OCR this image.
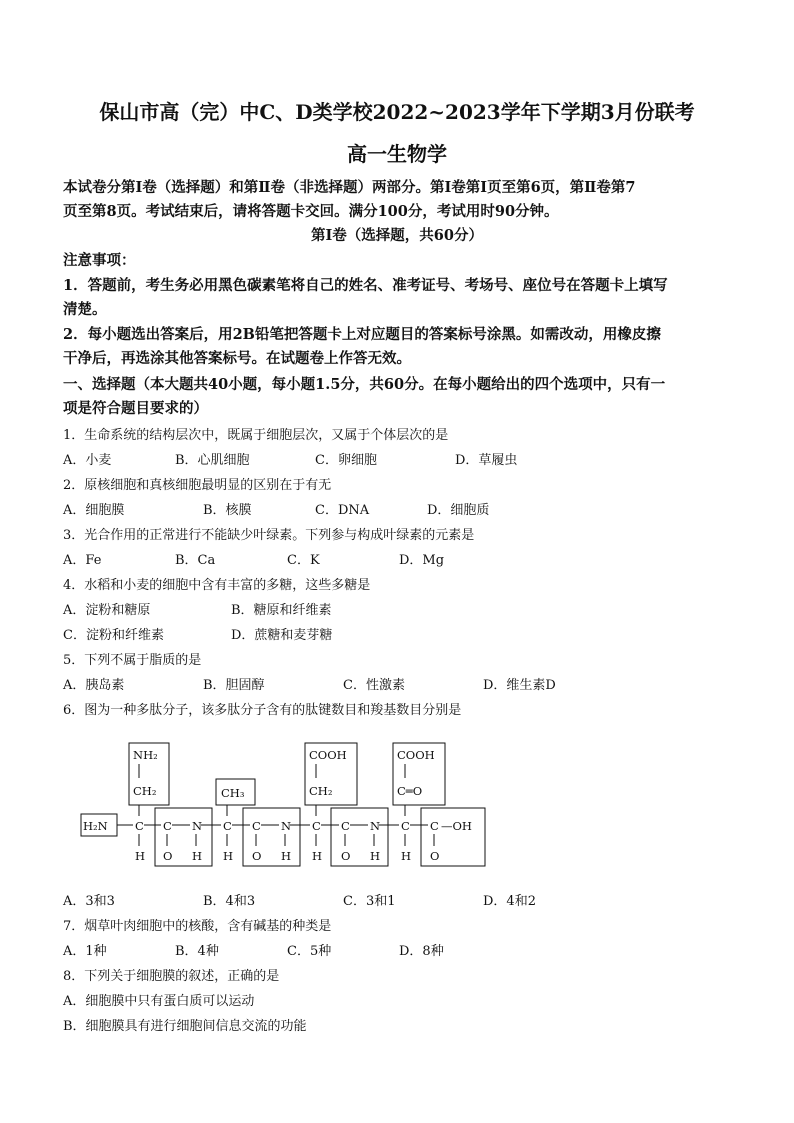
保山市高（完）中C、D类学校2022~2023学年下学期3月份联考
高一生物学
本试卷分第Ⅰ卷（选择题）和第Ⅱ卷（非选择题）两部分。第Ⅰ卷第Ⅰ页至第6页，第Ⅱ卷第7
页至第8页。考试结束后，请将答题卡交回。满分100分，考试用时90分钟。
第Ⅰ卷（选择题，共60分）
注意事项：
1．答题前，考生务必用黑色碳素笔将自己的姓名、准考证号、考场号、座位号在答题卡上填写
清楚。
2．每小题选出答案后，用2B铅笔把答题卡上对应题目的答案标号涂黑。如需改动，用橡皮擦
干净后，再选涂其他答案标号。在试题卷上作答无效。
一、选择题（本大题共40小题，每小题1.5分，共60分。在每小题给出的四个选项中，只有一
项是符合题目要求的）
1．生命系统的结构层次中，既属于细胞层次，又属于个体层次的是
A．小麦	B．心肌细胞	C．卵细胞	D．草履虫
2．原核细胞和真核细胞最明显的区别在于有无
A．细胞膜	B．核膜	C．DNA	D．细胞质
3．光合作用的正常进行不能缺少叶绿素。下列参与构成叶绿素的元素是
A．Fe	B．Ca	C．K	D．Mg
4．水稻和小麦的细胞中含有丰富的多糖，这些多糖是
A．淀粉和糖原	B．糖原和纤维素
C．淀粉和纤维素	D．蔗糖和麦芽糖
5．下列不属于脂质的是
A．胰岛素	B．胆固醇	C．性激素	D．维生素D
6．图为一种多肽分子，该多肽分子含有的肽键数目和羧基数目分别是
H₂N C C N C C N C C N C C —OH
H O H H O H H O H H O
NH₂
CH₂	CH₃
COOH
CH₂
COOH
C═O
A．3和3	B．4和3	C．3和1	D．4和2
7．烟草叶肉细胞中的核酸，含有碱基的种类是
A．1种	B．4种	C．5种	D．8种
8．下列关于细胞膜的叙述，正确的是
A．细胞膜中只有蛋白质可以运动
B．细胞膜具有进行细胞间信息交流的功能
